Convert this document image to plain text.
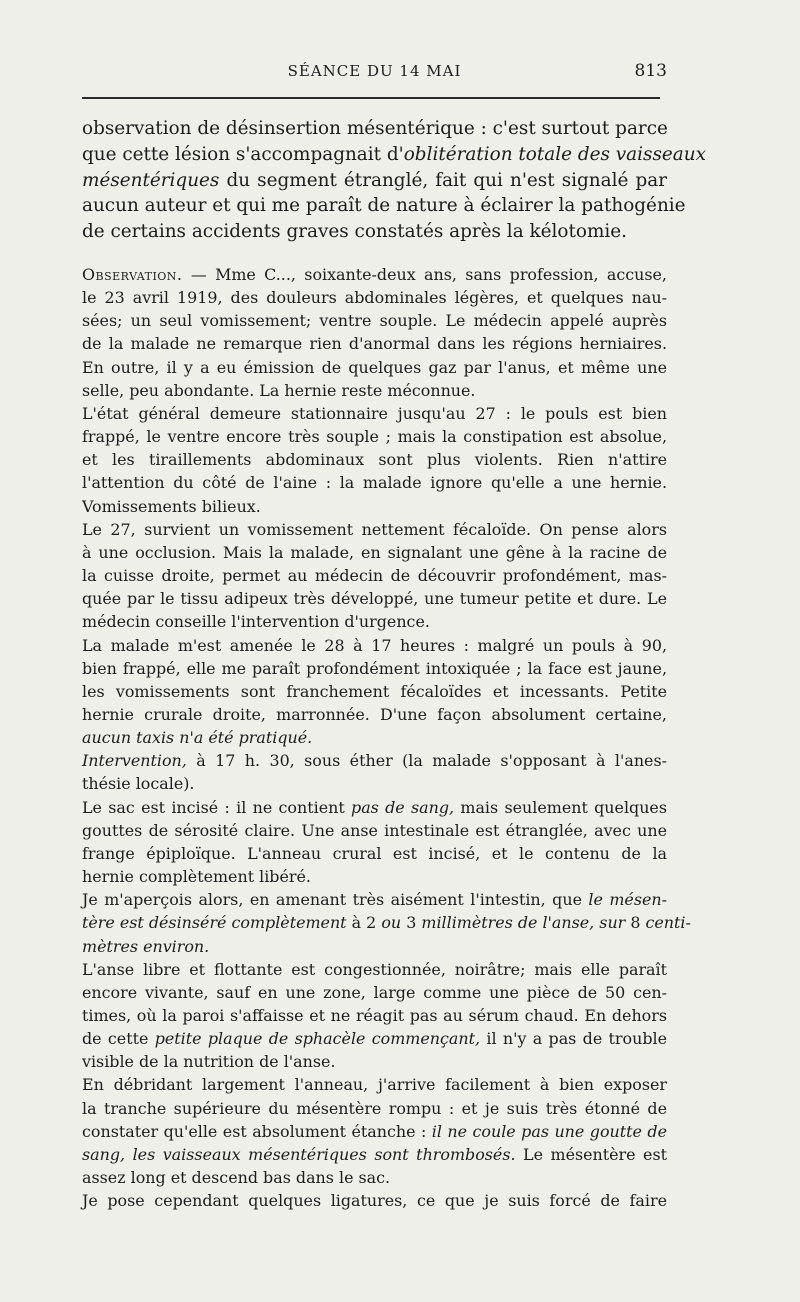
SÉANCE DU 14 MAI	813
observation de désinsertion mésentérique : c'est surtout parce
que cette lésion s'accompagnait d'oblitération totale des vaisseaux
mésentériques du segment étranglé, fait qui n'est signalé par
aucun auteur et qui me paraît de nature à éclairer la pathogénie
de certains accidents graves constatés après la kélotomie.
Observation. — Mme C..., soixante-deux ans, sans profession, accuse,
le 23 avril 1919, des douleurs abdominales légères, et quelques nau-
sées; un seul vomissement; ventre souple. Le médecin appelé auprès
de la malade ne remarque rien d'anormal dans les régions herniaires.
En outre, il y a eu émission de quelques gaz par l'anus, et même une
selle, peu abondante. La hernie reste méconnue.
L'état général demeure stationnaire jusqu'au 27 : le pouls est bien
frappé, le ventre encore très souple ; mais la constipation est absolue,
et les tiraillements abdominaux sont plus violents. Rien n'attire
l'attention du côté de l'aine : la malade ignore qu'elle a une hernie.
Vomissements bilieux.
Le 27, survient un vomissement nettement fécaloïde. On pense alors
à une occlusion. Mais la malade, en signalant une gêne à la racine de
la cuisse droite, permet au médecin de découvrir profondément, mas-
quée par le tissu adipeux très développé, une tumeur petite et dure. Le
médecin conseille l'intervention d'urgence.
La malade m'est amenée le 28 à 17 heures : malgré un pouls à 90,
bien frappé, elle me paraît profondément intoxiquée ; la face est jaune,
les vomissements sont franchement fécaloïdes et incessants. Petite
hernie crurale droite, marronnée. D'une façon absolument certaine,
aucun taxis n'a été pratiqué.
Intervention, à 17 h. 30, sous éther (la malade s'opposant à l'anes-
thésie locale).
Le sac est incisé : il ne contient pas de sang, mais seulement quelques
gouttes de sérosité claire. Une anse intestinale est étranglée, avec une
frange épiploïque. L'anneau crural est incisé, et le contenu de la
hernie complètement libéré.
Je m'aperçois alors, en amenant très aisément l'intestin, que le mésen-
tère est désinséré complètement à 2 ou 3 millimètres de l'anse, sur 8 centi-
mètres environ.
L'anse libre et flottante est congestionnée, noirâtre; mais elle paraît
encore vivante, sauf en une zone, large comme une pièce de 50 cen-
times, où la paroi s'affaisse et ne réagit pas au sérum chaud. En dehors
de cette petite plaque de sphacèle commençant, il n'y a pas de trouble
visible de la nutrition de l'anse.
En débridant largement l'anneau, j'arrive facilement à bien exposer
la tranche supérieure du mésentère rompu : et je suis très étonné de
constater qu'elle est absolument étanche : il ne coule pas une goutte de
sang, les vaisseaux mésentériques sont thrombosés. Le mésentère est
assez long et descend bas dans le sac.
Je pose cependant quelques ligatures, ce que je suis forcé de faire
